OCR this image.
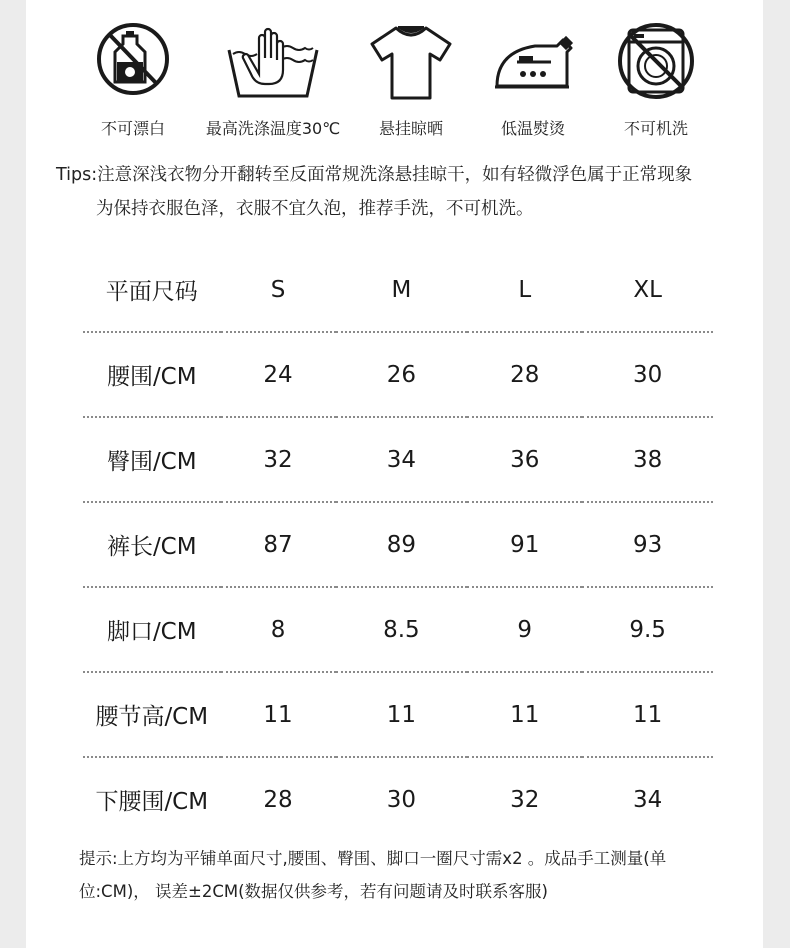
不可漂白	最高洗涤温度30℃	悬挂晾晒	低温熨烫	不可机洗
Tips:注意深浅衣物分开翻转至反面常规洗涤悬挂晾干，如有轻微浮色属于正常现象
为保持衣服色泽，衣服不宜久泡，推荐手洗，不可机洗。
平面尺码	S	M	L	XL
腰围/CM	24	26	28	30
臀围/CM	32	34	36	38
裤长/CM	87	89	91	93
脚口/CM	8	8.5	9	9.5
腰节高/CM	11	11	11	11
下腰围/CM	28	30	32	34
提示:上方均为平铺单面尺寸,腰围、臀围、脚口一圈尺寸需x2 。成品手工测量(单
位:CM)， 误差±2CM(数据仅供参考，若有问题请及时联系客服)
